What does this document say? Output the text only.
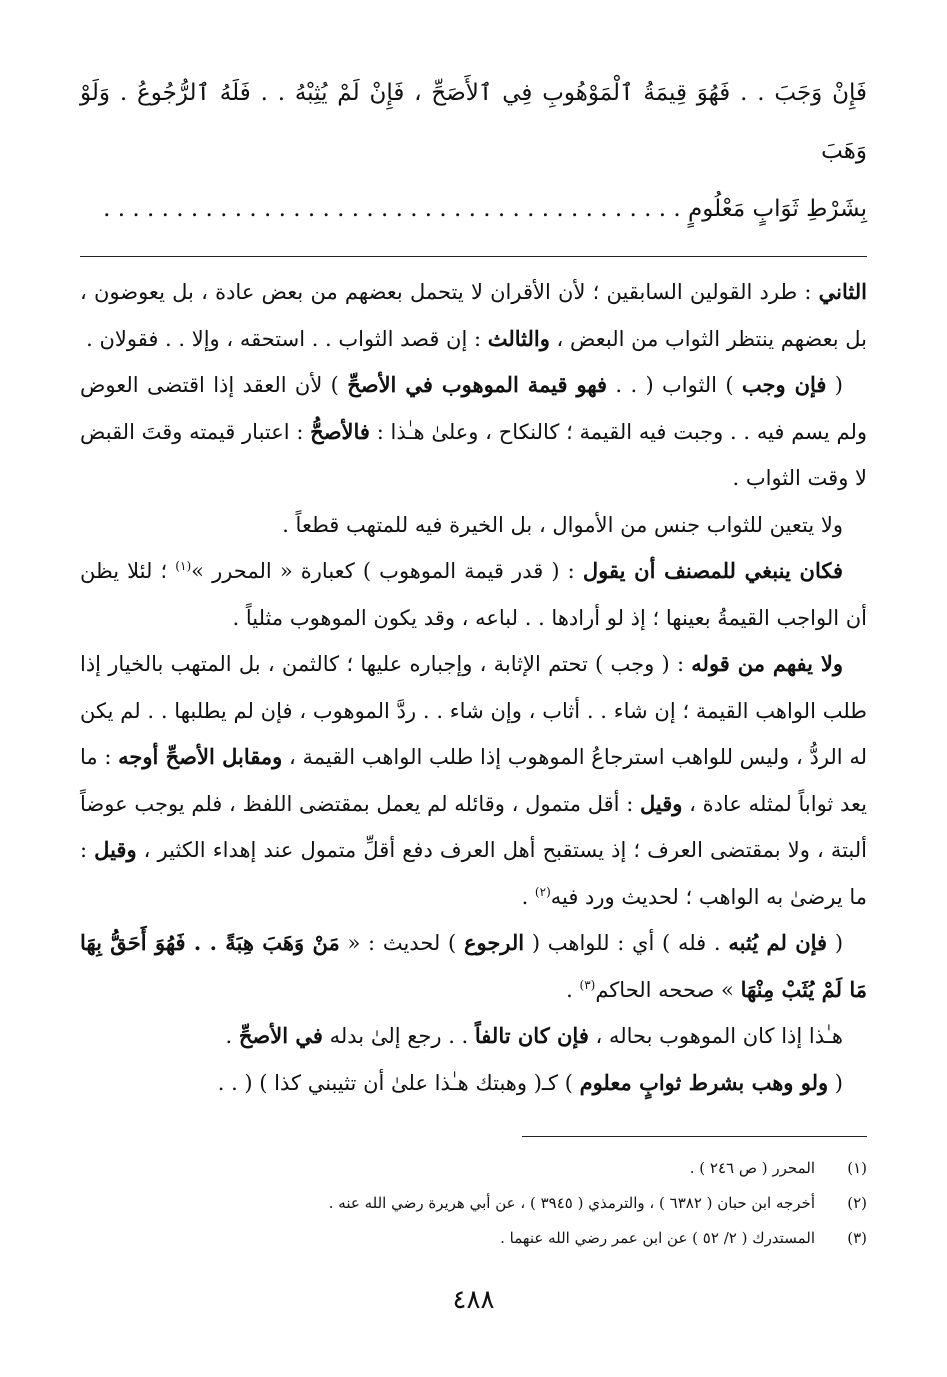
فَإِنْ وَجَبَ . . فَهُوَ قِيمَةُ ٱلْمَوْهُوبِ فِي ٱلأَصَحِّ ، فَإِنْ لَمْ يُثِبْهُ . . فَلَهُ ٱلرُّجُوعُ . وَلَوْ وَهَبَ
بِشَرْطِ ثَوَابٍ مَعْلُومٍ . . . . . . . . . . . . . . . . . . . . . . . . . . . . . . . . . . . . . . . .

الثاني : طرد القولين السابقين ؛ لأن الأقران لا يتحمل بعضهم من بعض عادة ، بل يعوضون ، بل بعضهم ينتظر الثواب من البعض ، والثالث : إن قصد الثواب . . استحقه ، وإلا . . فقولان .

( فإن وجب ) الثواب ( . . فهو قيمة الموهوب في الأصحِّ ) لأن العقد إذا اقتضى العوض ولم يسم فيه . . وجبت فيه القيمة ؛ كالنكاح ، وعلىٰ هـٰذا : فالأصحُّ : اعتبار قيمته وقتَ القبض لا وقت الثواب .

ولا يتعين للثواب جنس من الأموال ، بل الخيرة فيه للمتهب قطعاً .

فكان ينبغي للمصنف أن يقول : ( قدر قيمة الموهوب ) كعبارة « المحرر »$^{(١)}$ ؛ لئلا يظن أن الواجب القيمةُ بعينها ؛ إذ لو أرادها . . لباعه ، وقد يكون الموهوب مثلياً .

ولا يفهم من قوله : ( وجب ) تحتم الإثابة ، وإجباره عليها ؛ كالثمن ، بل المتهب بالخيار إذا طلب الواهب القيمة ؛ إن شاء . . أثاب ، وإن شاء . . ردَّ الموهوب ، فإن لم يطلبها . . لم يكن له الردُّ ، وليس للواهب استرجاعُ الموهوب إذا طلب الواهب القيمة ، ومقابل الأصحِّ أوجه : ما يعد ثواباً لمثله عادة ، وقيل : أقل متمول ، وقائله لم يعمل بمقتضى اللفظ ، فلم يوجب عوضاً ألبتة ، ولا بمقتضى العرف ؛ إذ يستقبح أهل العرف دفع أقلِّ متمول عند إهداء الكثير ، وقيل : ما يرضىٰ به الواهب ؛ لحديث ورد فيه$^{(٢)}$ .

( فإن لم يُثبه . فله ) أي : للواهب ( الرجوع ) لحديث : « مَنْ وَهَبَ هِبَةً . . فَهُوَ أَحَقُّ بِهَا مَا لَمْ يُثَبْ مِنْهَا » صححه الحاكم$^{(٣)}$ .

هـٰذا إذا كان الموهوب بحاله ، فإن كان تالفاً . . رجع إلىٰ بدله في الأصحِّ .

( ولو وهب بشرط ثوابٍ معلوم ) كـ( وهبتك هـٰذا علىٰ أن تثيبني كذا ) ( . .

(١)
المحرر ( ص ٢٤٦ ) .
(٢)
أخرجه ابن حبان ( ٦٣٨٢ ) ، والترمذي ( ٣٩٤٥ ) ، عن أبي هريرة رضي الله عنه .
(٣)
المستدرك ( ٢/ ٥٢ ) عن ابن عمر رضي الله عنهما .
٤٨٨
